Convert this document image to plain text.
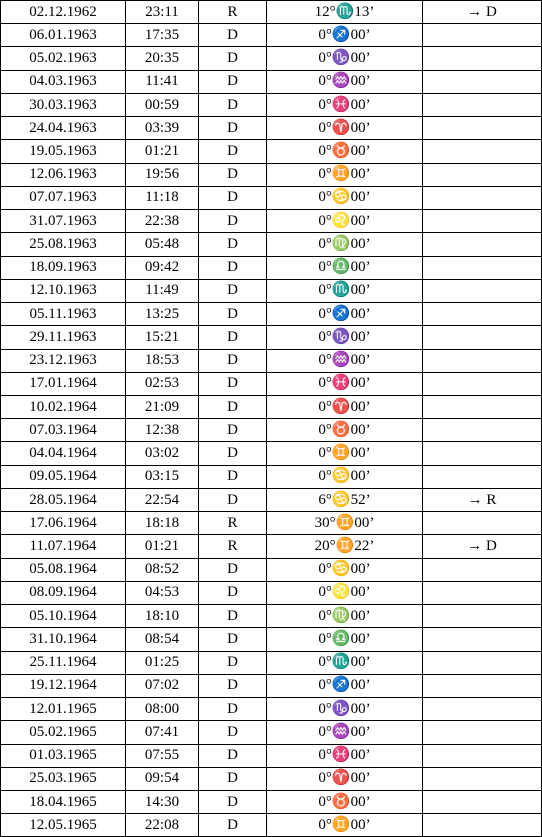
02.12.1962	23:11	R	12°♏13’	→ D
06.01.1963	17:35	D	0°♐00’	
05.02.1963	20:35	D	0°♑00’	
04.03.1963	11:41	D	0°♒00’	
30.03.1963	00:59	D	0°♓00’	
24.04.1963	03:39	D	0°♈00’	
19.05.1963	01:21	D	0°♉00’	
12.06.1963	19:56	D	0°♊00’	
07.07.1963	11:18	D	0°♋00’	
31.07.1963	22:38	D	0°♌00’	
25.08.1963	05:48	D	0°♍00’	
18.09.1963	09:42	D	0°♎00’	
12.10.1963	11:49	D	0°♏00’	
05.11.1963	13:25	D	0°♐00’	
29.11.1963	15:21	D	0°♑00’	
23.12.1963	18:53	D	0°♒00’	
17.01.1964	02:53	D	0°♓00’	
10.02.1964	21:09	D	0°♈00’	
07.03.1964	12:38	D	0°♉00’	
04.04.1964	03:02	D	0°♊00’	
09.05.1964	03:15	D	0°♋00’	
28.05.1964	22:54	D	6°♋52’	→ R
17.06.1964	18:18	R	30°♊00’	
11.07.1964	01:21	R	20°♊22’	→ D
05.08.1964	08:52	D	0°♋00’	
08.09.1964	04:53	D	0°♌00’	
05.10.1964	18:10	D	0°♍00’	
31.10.1964	08:54	D	0°♎00’	
25.11.1964	01:25	D	0°♏00’	
19.12.1964	07:02	D	0°♐00’	
12.01.1965	08:00	D	0°♑00’	
05.02.1965	07:41	D	0°♒00’	
01.03.1965	07:55	D	0°♓00’	
25.03.1965	09:54	D	0°♈00’	
18.04.1965	14:30	D	0°♉00’	
12.05.1965	22:08	D	0°♊00’	
